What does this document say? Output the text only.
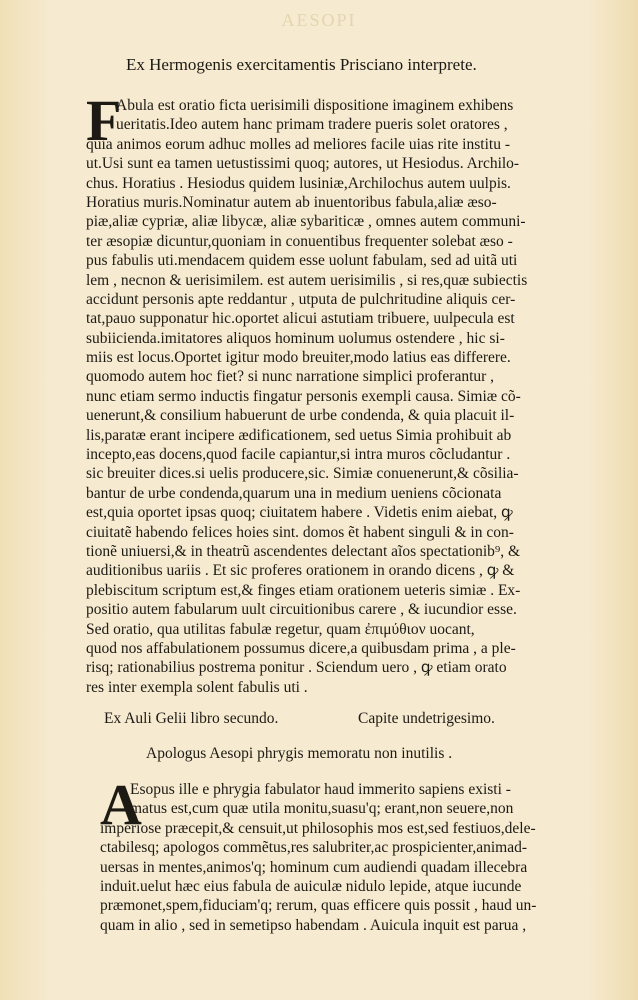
AESOPI
Ex Hermogenis exercitamentis Prisciano interprete.
F
Abula est oratio ficta uerisimili dispositione imaginem exhibens
ueritatis.Ideo autem hanc primam tradere pueris solet oratores ,
quia animos eorum adhuc molles ad meliores facile uias rite institu -
ut.Usi sunt ea tamen uetustissimi quoq; autores, ut Hesiodus. Archilo-
chus. Horatius . Hesiodus quidem lusiniæ,Archilochus autem uulpis.
Horatius muris.Nominatur autem ab inuentoribus fabula,aliæ æso-
piæ,aliæ cypriæ, aliæ libycæ, aliæ sybariticæ , omnes autem communi-
ter æsopiæ dicuntur,quoniam in conuentibus frequenter solebat æso -
pus fabulis uti.mendacem quidem esse uolunt fabulam, sed ad uitã uti
lem , necnon & uerisimilem. est autem uerisimilis , si res,quæ subiectis
accidunt personis apte reddantur , utputa de pulchritudine aliquis cer-
tat,pauo supponatur hic.oportet alicui astutiam tribuere, uulpecula est
subiicienda.imitatores aliquos hominum uolumus ostendere , hic si-
miis est locus.Oportet igitur modo breuiter,modo latius eas differere.
quomodo autem hoc fiet? si nunc narratione simplici proferantur ,
nunc etiam sermo inductis fingatur personis exempli causa. Simiæ cõ-
uenerunt,& consilium habuerunt de urbe condenda, & quia placuit il-
lis,paratæ erant incipere ædificationem, sed uetus Simia prohibuit ab
incepto,eas docens,quod facile capiantur,si intra muros cõcludantur .
sic breuiter dices.si uelis producere,sic. Simiæ conuenerunt,& cõsilia-
bantur de urbe condenda,quarum una in medium ueniens cõcionata
est,quia oportet ipsas quoq; ciuitatem habere . Videtis enim aiebat, ꝙ
ciuitatẽ habendo felices hoies sint. domos ẽt habent singuli & in con-
tionẽ uniuersi,& in theatrũ ascendentes delectant aĩos spectationib⁹, &
auditionibus uariis . Et sic proferes orationem in orando dicens , ꝙ &
plebiscitum scriptum est,& finges etiam orationem ueteris simiæ . Ex-
positio autem fabularum uult circuitionibus carere , & iucundior esse.
Sed oratio, qua utilitas fabulæ regetur, quam ἐπιμύθιον uocant,
quod nos affabulationem possumus dicere,a quibusdam prima , a ple-
risq; rationabilius postrema ponitur . Sciendum uero , ꝙ etiam orato
res inter exempla solent fabulis uti .
Ex Auli Gelii libro secundo.	Capite undetrigesimo.
Apologus Aesopi phrygis memoratu non inutilis .
A
Esopus ille e phrygia fabulator haud immerito sapiens existi -
matus est,cum quæ utila monitu,suasu'q; erant,non seuere,non
imperiose præcepit,& censuit,ut philosophis mos est,sed festiuos,dele-
ctabilesq; apologos commẽtus,res salubriter,ac prospicienter,animad-
uersas in mentes,animos'q; hominum cum audiendi quadam illecebra
induit.uelut hæc eius fabula de auiculæ nidulo lepide, atque iucunde
præmonet,spem,fiduciam'q; rerum, quas efficere quis possit , haud un-
quam in alio , sed in semetipso habendam . Auicula inquit est parua ,
